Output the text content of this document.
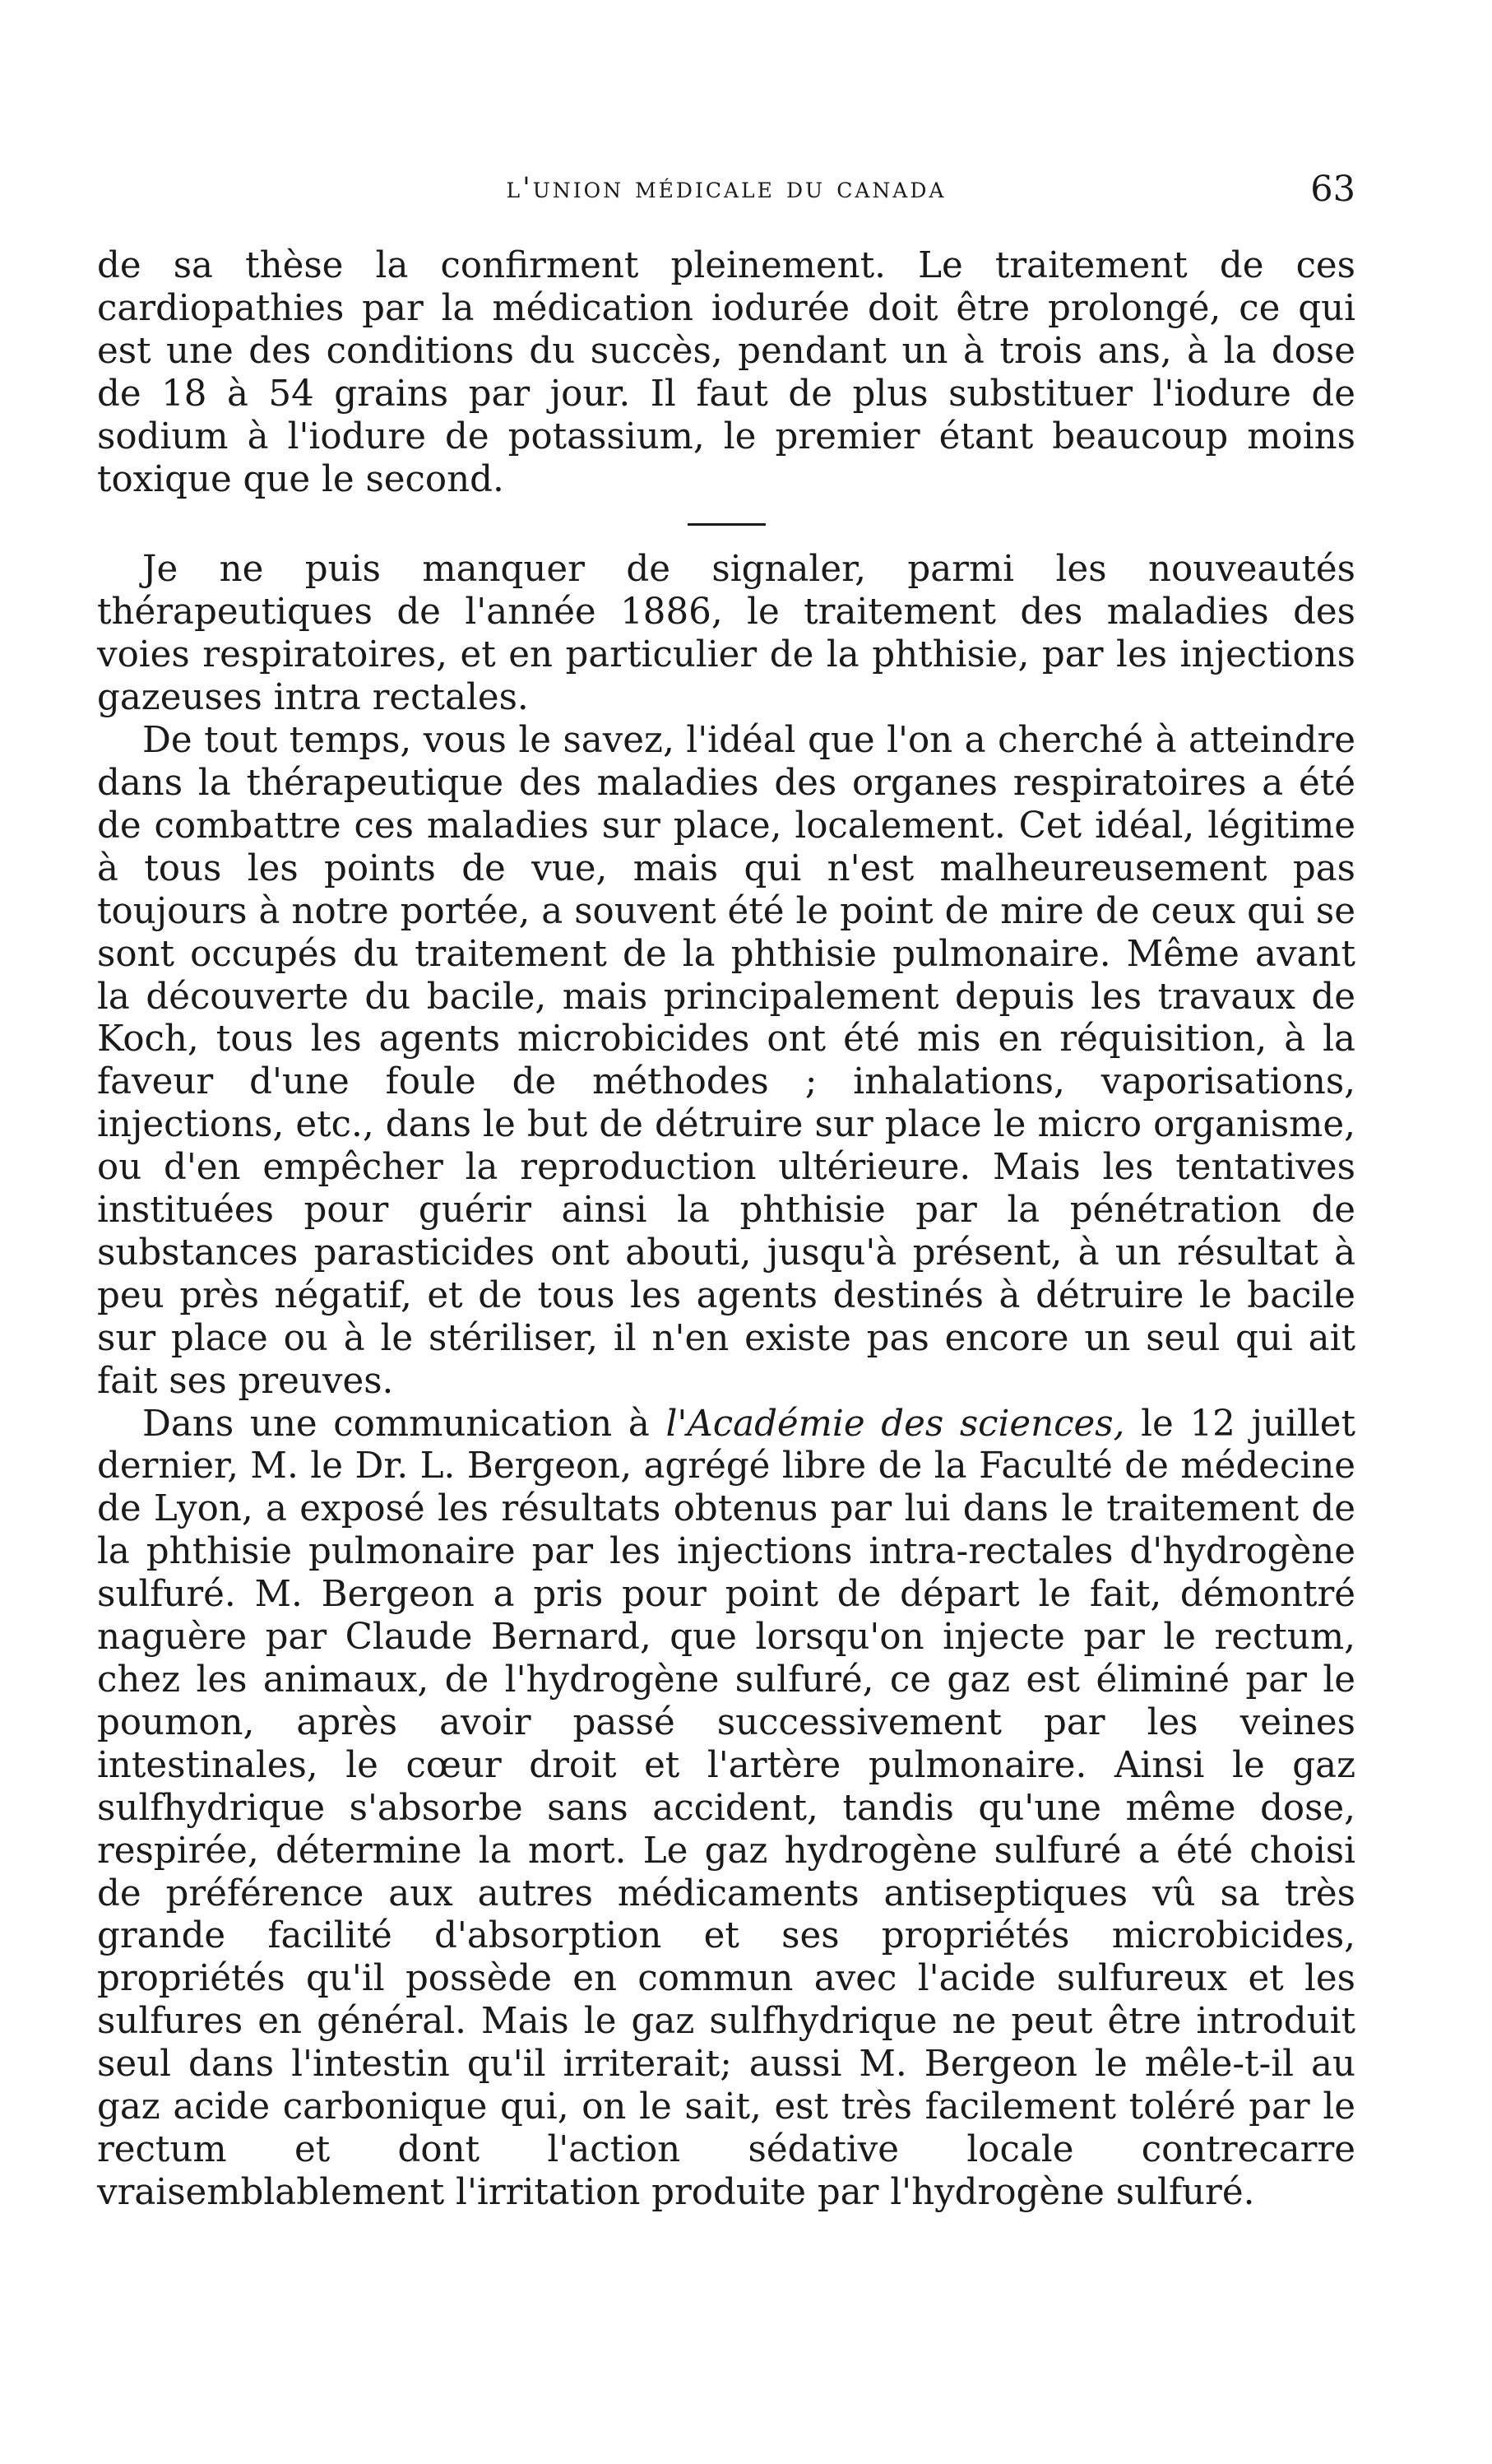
l'union médicale du canada	63

de sa thèse la confirment pleinement. Le traitement de ces cardiopathies par la médication iodurée doit être prolongé, ce qui est une des conditions du succès, pendant un à trois ans, à la dose de 18 à 54 grains par jour. Il faut de plus substituer l'iodure de sodium à l'iodure de potassium, le premier étant beaucoup moins toxique que le second.

Je ne puis manquer de signaler, parmi les nouveautés thérapeutiques de l'année 1886, le traitement des maladies des voies respiratoires, et en particulier de la phthisie, par les injections gazeuses intra rectales.

De tout temps, vous le savez, l'idéal que l'on a cherché à atteindre dans la thérapeutique des maladies des organes respiratoires a été de combattre ces maladies sur place, localement. Cet idéal, légitime à tous les points de vue, mais qui n'est malheureusement pas toujours à notre portée, a souvent été le point de mire de ceux qui se sont occupés du traitement de la phthisie pulmonaire. Même avant la découverte du bacile, mais principalement depuis les travaux de Koch, tous les agents microbicides ont été mis en réquisition, à la faveur d'une foule de méthodes ; inhalations, vaporisations, injections, etc., dans le but de détruire sur place le micro organisme, ou d'en empêcher la reproduction ultérieure. Mais les tentatives instituées pour guérir ainsi la phthisie par la pénétration de substances parasticides ont abouti, jusqu'à présent, à un résultat à peu près négatif, et de tous les agents destinés à détruire le bacile sur place ou à le stériliser, il n'en existe pas encore un seul qui ait fait ses preuves.

Dans une communication à l'Académie des sciences, le 12 juillet dernier, M. le Dr. L. Bergeon, agrégé libre de la Faculté de médecine de Lyon, a exposé les résultats obtenus par lui dans le traitement de la phthisie pulmonaire par les injections intra-rectales d'hydrogène sulfuré. M. Bergeon a pris pour point de départ le fait, démontré naguère par Claude Bernard, que lorsqu'on injecte par le rectum, chez les animaux, de l'hydrogène sulfuré, ce gaz est éliminé par le poumon, après avoir passé successivement par les veines intestinales, le cœur droit et l'artère pulmonaire. Ainsi le gaz sulfhydrique s'absorbe sans accident, tandis qu'une même dose, respirée, détermine la mort. Le gaz hydrogène sulfuré a été choisi de préférence aux autres médicaments antiseptiques vû sa très grande facilité d'absorption et ses propriétés microbicides, propriétés qu'il possède en commun avec l'acide sulfureux et les sulfures en général. Mais le gaz sulfhydrique ne peut être introduit seul dans l'intestin qu'il irriterait; aussi M. Bergeon le mêle-t-il au gaz acide carbonique qui, on le sait, est très facilement toléré par le rectum et dont l'action sédative locale contrecarre vraisemblablement l'irritation produite par l'hydrogène sulfuré.
